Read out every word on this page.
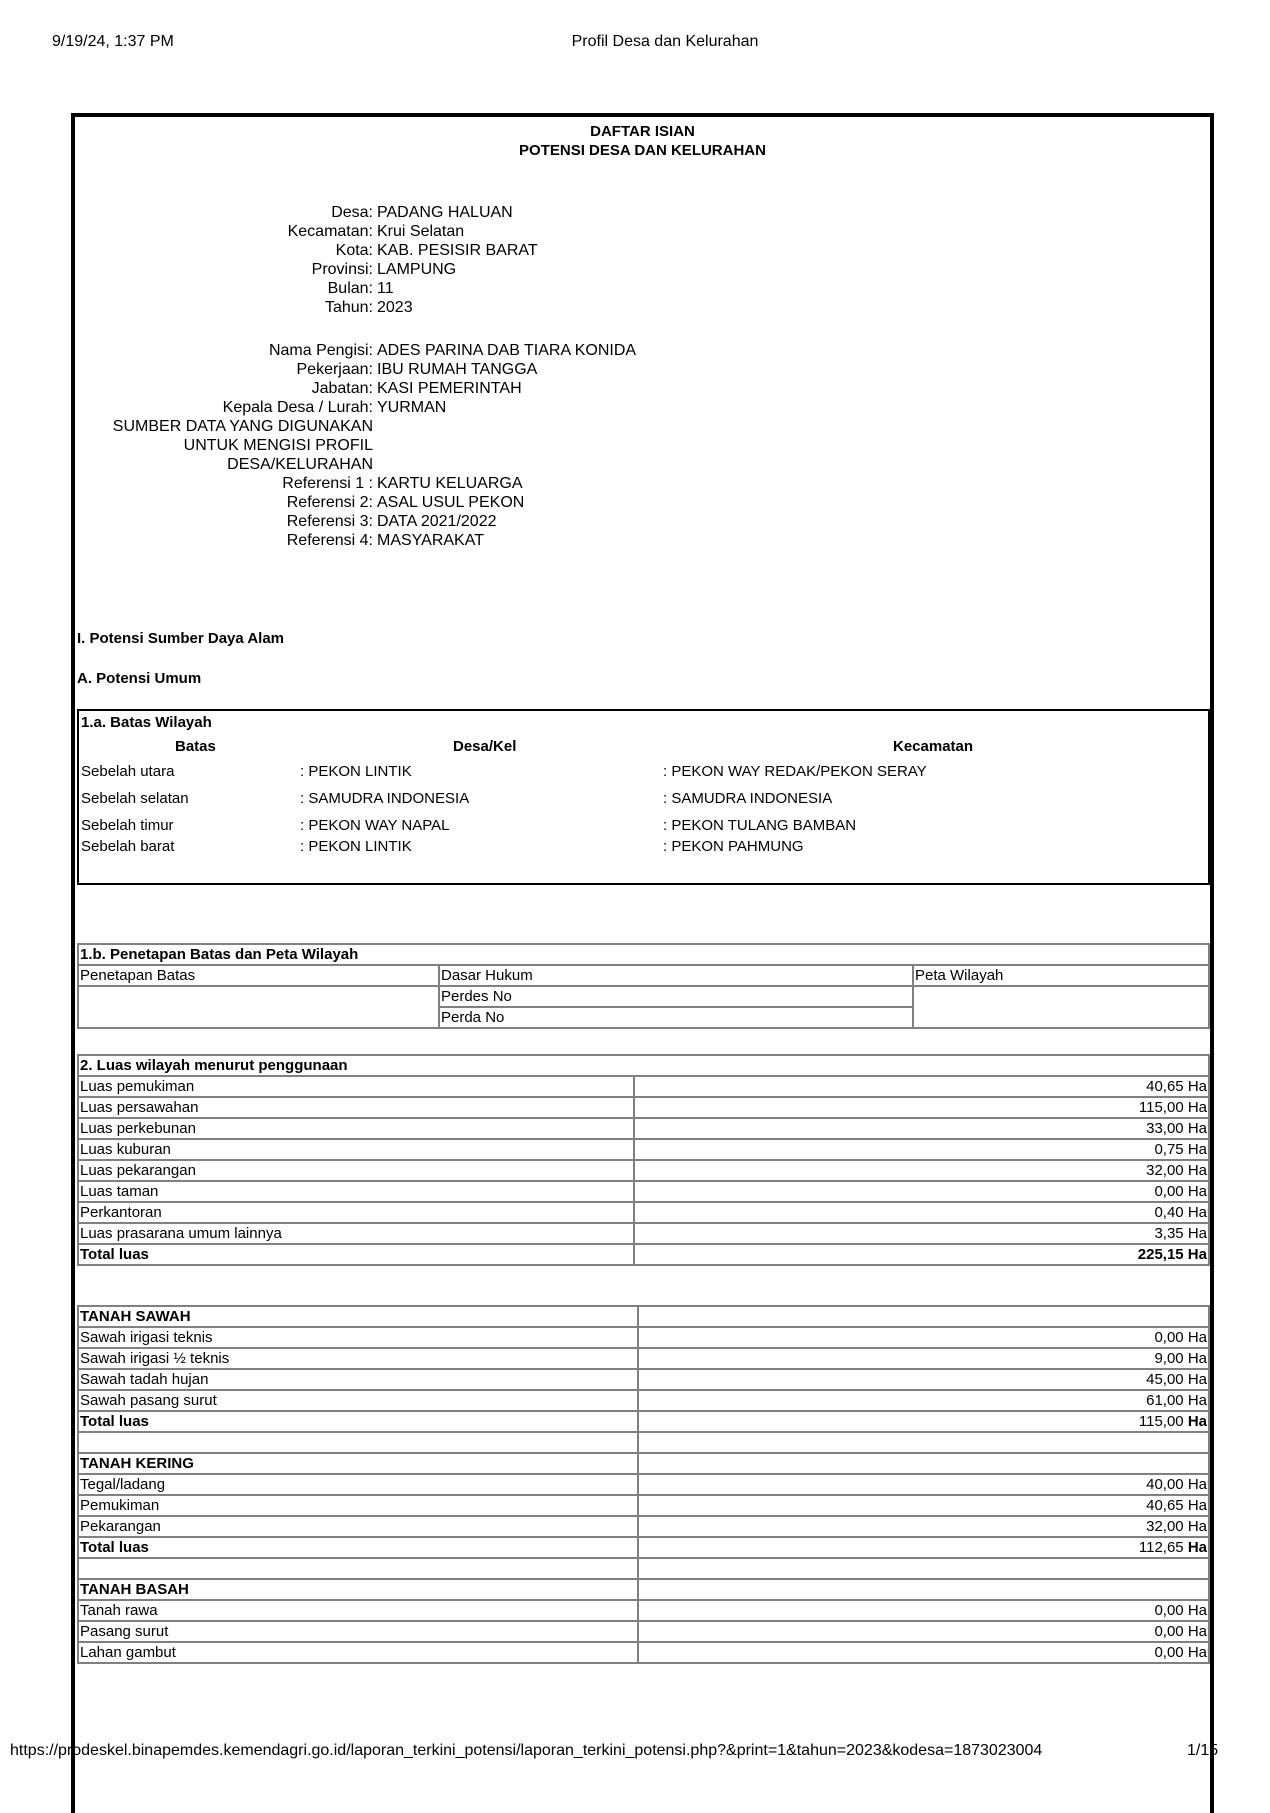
9/19/24, 1:37 PM	Profil Desa dan Kelurahan
DAFTAR ISIAN
POTENSI DESA DAN KELURAHAN
Desa: PADANG HALUAN
Kecamatan: Krui Selatan
Kota: KAB. PESISIR BARAT
Provinsi: LAMPUNG
Bulan: 11
Tahun: 2023
Nama Pengisi: ADES PARINA DAB TIARA KONIDA
Pekerjaan: IBU RUMAH TANGGA
Jabatan: KASI PEMERINTAH
Kepala Desa / Lurah: YURMAN
SUMBER DATA YANG DIGUNAKAN
UNTUK MENGISI PROFIL
DESA/KELURAHAN
Referensi 1 : KARTU KELUARGA
Referensi 2: ASAL USUL PEKON
Referensi 3: DATA 2021/2022
Referensi 4: MASYARAKAT
I. Potensi Sumber Daya Alam
A. Potensi Umum
1.a. Batas Wilayah
Batas	Desa/Kel	Kecamatan
Sebelah utara	: PEKON LINTIK	: PEKON WAY REDAK/PEKON SERAY
Sebelah selatan	: SAMUDRA INDONESIA	: SAMUDRA INDONESIA
Sebelah timur	: PEKON WAY NAPAL	: PEKON TULANG BAMBAN
Sebelah barat	: PEKON LINTIK	: PEKON PAHMUNG
1.b. Penetapan Batas dan Peta Wilayah		
Penetapan Batas	Dasar Hukum	Peta Wilayah
	Perdes No	
	Perda No	
2. Luas wilayah menurut penggunaan	
Luas pemukiman	40,65 Ha
Luas persawahan	115,00 Ha
Luas perkebunan	33,00 Ha
Luas kuburan	0,75 Ha
Luas pekarangan	32,00 Ha
Luas taman	0,00 Ha
Perkantoran	0,40 Ha
Luas prasarana umum lainnya	3,35 Ha
Total luas	225,15 Ha
TANAH SAWAH	
Sawah irigasi teknis	0,00 Ha
Sawah irigasi ½ teknis	9,00 Ha
Sawah tadah hujan	45,00 Ha
Sawah pasang surut	61,00 Ha
Total luas	115,00 Ha

TANAH KERING	
Tegal/ladang	40,00 Ha
Pemukiman	40,65 Ha
Pekarangan	32,00 Ha
Total luas	112,65 Ha

TANAH BASAH	
Tanah rawa	0,00 Ha
Pasang surut	0,00 Ha
Lahan gambut	0,00 Ha
https://prodeskel.binapemdes.kemendagri.go.id/laporan_terkini_potensi/laporan_terkini_potensi.php?&print=1&tahun=2023&kodesa=1873023004	1/15
